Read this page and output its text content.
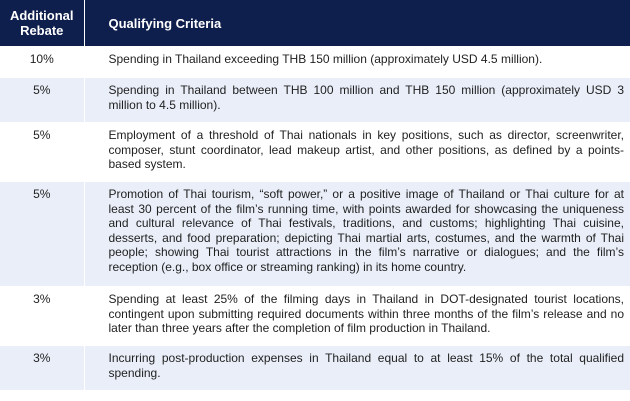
Additional Rebate	Qualifying Criteria
10%	Spending in Thailand exceeding THB 150 million (approximately USD 4.5 million).
5%	Spending in Thailand between THB 100 million and THB 150 million (approximately USD 3 million to 4.5 million).
5%	Employment of a threshold of Thai nationals in key positions, such as director, screenwriter, composer, stunt coordinator, lead makeup artist, and other positions, as defined by a points-based system.
5%	Promotion of Thai tourism, “soft power,” or a positive image of Thailand or Thai culture for at least 30 percent of the film’s running time, with points awarded for showcasing the uniqueness and cultural relevance of Thai festivals, traditions, and customs; highlighting Thai cuisine, desserts, and food preparation; depicting Thai martial arts, costumes, and the warmth of Thai people; showing Thai tourist attractions in the film’s narrative or dialogues; and the film’s reception (e.g., box office or streaming ranking) in its home country.
3%	Spending at least 25% of the filming days in Thailand in DOT-designated tourist locations, contingent upon submitting required documents within three months of the film’s release and no later than three years after the completion of film production in Thailand.
3%	Incurring post-production expenses in Thailand equal to at least 15% of the total qualified spending.
